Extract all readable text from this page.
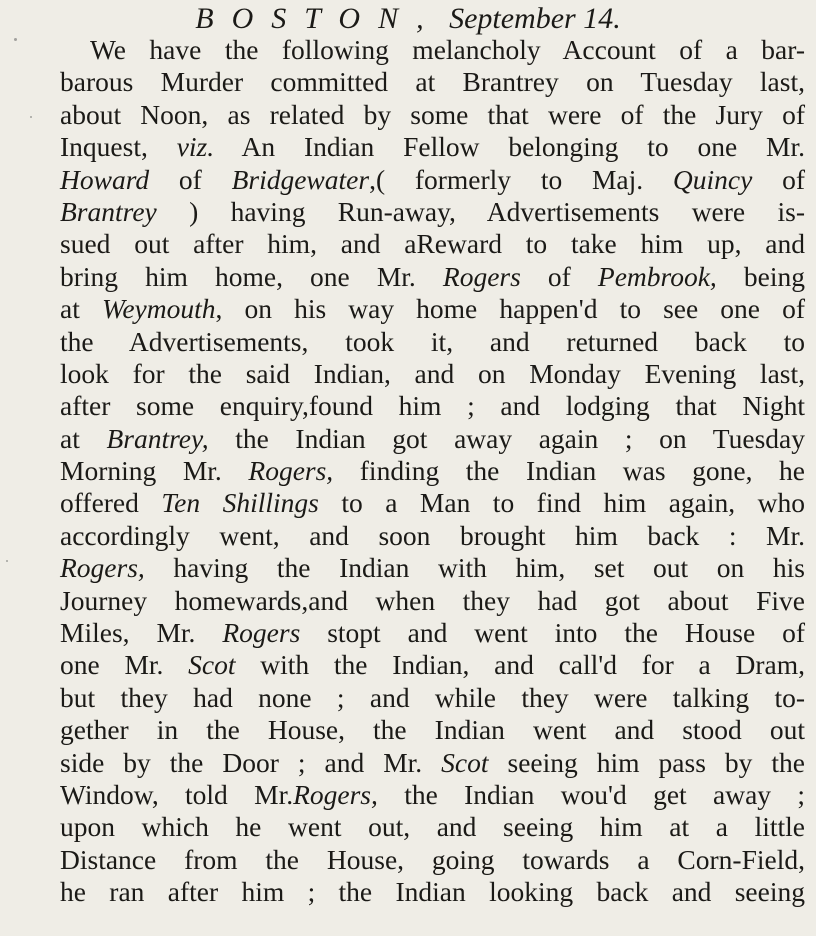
BOSTON, September 14.
We have the following melancholy Account of a bar-
barous Murder committed at Brantrey on Tuesday last,
about Noon, as related by some that were of the Jury of
Inquest, viz. An Indian Fellow belonging to one Mr.
Howard of Bridgewater,( formerly to Maj. Quincy of
Brantrey ) having Run-away, Advertisements were is-
sued out after him, and aReward to take him up, and
bring him home, one Mr. Rogers of Pembrook, being
at Weymouth, on his way home happen'd to see one of
the Advertisements, took it, and returned back to
look for the said Indian, and on Monday Evening last,
after some enquiry,found him ; and lodging that Night
at Brantrey, the Indian got away again ; on Tuesday
Morning Mr. Rogers, finding the Indian was gone, he
offered Ten Shillings to a Man to find him again, who
accordingly went, and soon brought him back : Mr.
Rogers, having the Indian with him, set out on his
Journey homewards,and when they had got about Five
Miles, Mr. Rogers stopt and went into the House of
one Mr. Scot with the Indian, and call'd for a Dram,
but they had none ; and while they were talking to-
gether in the House, the Indian went and stood out
side by the Door ; and Mr. Scot seeing him pass by the
Window, told Mr.Rogers, the Indian wou'd get away ;
upon which he went out, and seeing him at a little
Distance from the House, going towards a Corn-Field,
he ran after him ; the Indian looking back and seeing
